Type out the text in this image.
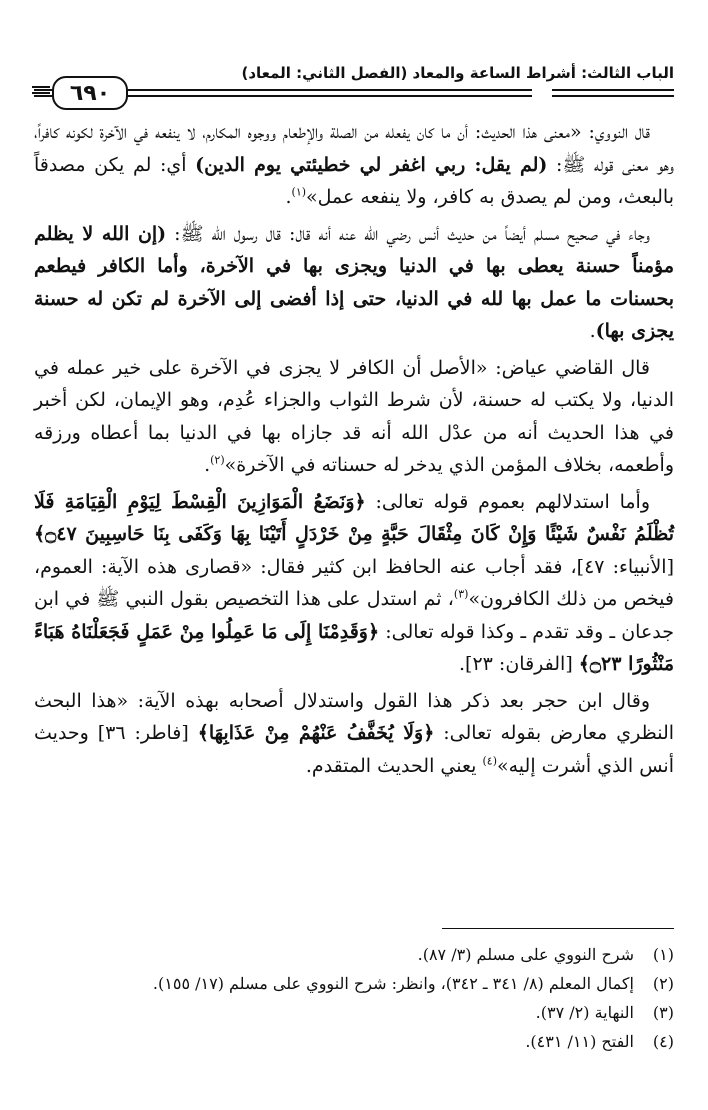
الباب الثالث: أشراط الساعة والمعاد (الفصل الثاني: المعاد)
٦٩٠

قال النووي: «معنى هذا الحديث: أن ما كان يفعله من الصلة والإطعام ووجوه المكارم، لا ينفعه في الآخرة لكونه كافراً، وهو معنى قوله ﷺ: (لم يقل: ربي اغفر لي خطيئتي يوم الدين) أي: لم يكن مصدقاً بالبعث، ومن لم يصدق به كافر، ولا ينفعه عمل»$^{(١)}$.

وجاء في صحيح مسلم أيضاً من حديث أنس رضي الله عنه أنه قال: قال رسول الله ﷺ: (إن الله لا يظلم مؤمناً حسنة يعطى بها في الدنيا ويجزى بها في الآخرة، وأما الكافر فيطعم بحسنات ما عمل بها لله في الدنيا، حتى إذا أفضى إلى الآخرة لم تكن له حسنة يجزى بها).

قال القاضي عياض: «الأصل أن الكافر لا يجزى في الآخرة على خير عمله في الدنيا، ولا يكتب له حسنة، لأن شرط الثواب والجزاء عُدِم، وهو الإيمان، لكن أخبر في هذا الحديث أنه من عدْل الله أنه قد جازاه بها في الدنيا بما أعطاه ورزقه وأطعمه، بخلاف المؤمن الذي يدخر له حسناته في الآخرة»$^{(٢)}$.

وأما استدلالهم بعموم قوله تعالى: ﴿وَنَضَعُ الْمَوَازِينَ الْقِسْطَ لِيَوْمِ الْقِيَامَةِ فَلَا تُظْلَمُ نَفْسٌ شَيْئًا وَإِنْ كَانَ مِثْقَالَ حَبَّةٍ مِنْ خَرْدَلٍ أَتَيْنَا بِهَا وَكَفَى بِنَا حَاسِبِينَ ۝٤٧﴾ [الأنبياء: ٤٧]، فقد أجاب عنه الحافظ ابن كثير فقال: «قصارى هذه الآية: العموم، فيخص من ذلك الكافرون»$^{(٣)}$، ثم استدل على هذا التخصيص بقول النبي ﷺ في ابن جدعان ـ وقد تقدم ـ وكذا قوله تعالى: ﴿وَقَدِمْنَا إِلَى مَا عَمِلُوا مِنْ عَمَلٍ فَجَعَلْنَاهُ هَبَاءً مَنْثُورًا ۝٢٣﴾ [الفرقان: ٢٣].

وقال ابن حجر بعد ذكر هذا القول واستدلال أصحابه بهذه الآية: «هذا البحث النظري معارض بقوله تعالى: ﴿وَلَا يُخَفَّفُ عَنْهُمْ مِنْ عَذَابِهَا﴾ [فاطر: ٣٦] وحديث أنس الذي أشرت إليه»$^{(٤)}$ يعني الحديث المتقدم.

(١)شرح النووي على مسلم (٣/ ٨٧).
(٢)إكمال المعلم (٨/ ٣٤١ ـ ٣٤٢)، وانظر: شرح النووي على مسلم (١٧/ ١٥٥).
(٣)النهاية (٢/ ٣٧).
(٤)الفتح (١١/ ٤٣١).
